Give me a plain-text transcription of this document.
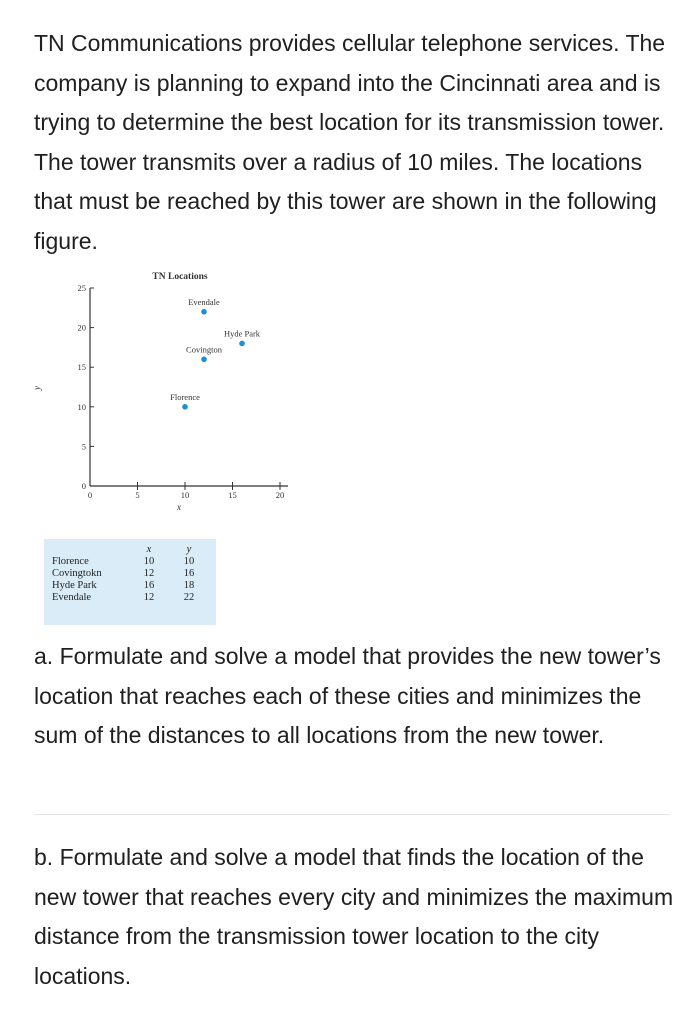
TN Communications provides cellular telephone services. The company is planning to expand into the Cincinnati area and is trying to determine the best location for its transmission tower. The tower transmits over a radius of 10 miles. The locations that must be reached by this tower are shown in the following figure.

TN Locations
y
x
0	5	10	15	20
0
5
10
15
20
25
Florence
Covington
Hyde Park
Evendale
	x	y
Florence	10	10
Covingtokn	12	16
Hyde Park	16	18
Evendale	12	22

a. Formulate and solve a model that provides the new tower’s location that reaches each of these cities and minimizes the sum of the distances to all locations from the new tower.

b. Formulate and solve a model that finds the location of the new tower that reaches every city and minimizes the maximum distance from the transmission tower location to the city locations.
